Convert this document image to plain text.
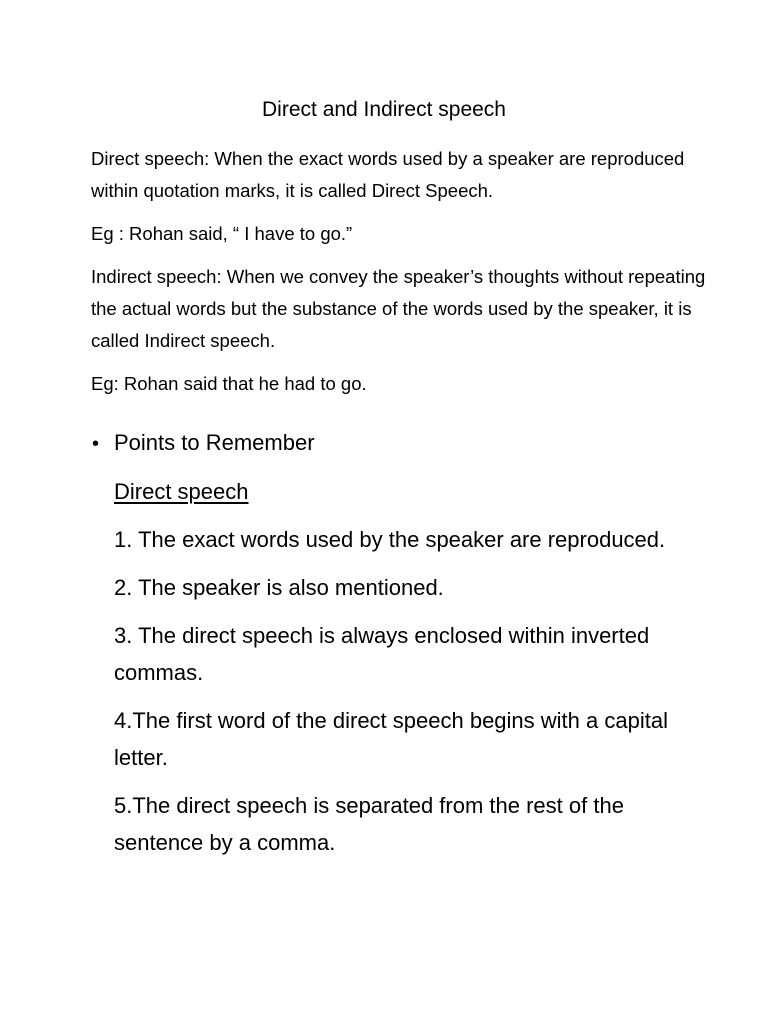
Direct and Indirect speech

Direct speech: When the exact words used by a speaker are reproduced within quotation marks, it is called Direct Speech.

Eg : Rohan said, “ I have to go.”

Indirect speech: When we convey the speaker’s thoughts without repeating the actual words but the substance of the words used by the speaker, it is called Indirect speech.

Eg: Rohan said that he had to go.

• Points to Remember
Direct speech
1. The exact words used by the speaker are reproduced.
2. The speaker is also mentioned.
3. The direct speech is always enclosed within inverted commas.
4.The first word of the direct speech begins with a capital letter.
5.The direct speech is separated from the rest of the sentence by a comma.
